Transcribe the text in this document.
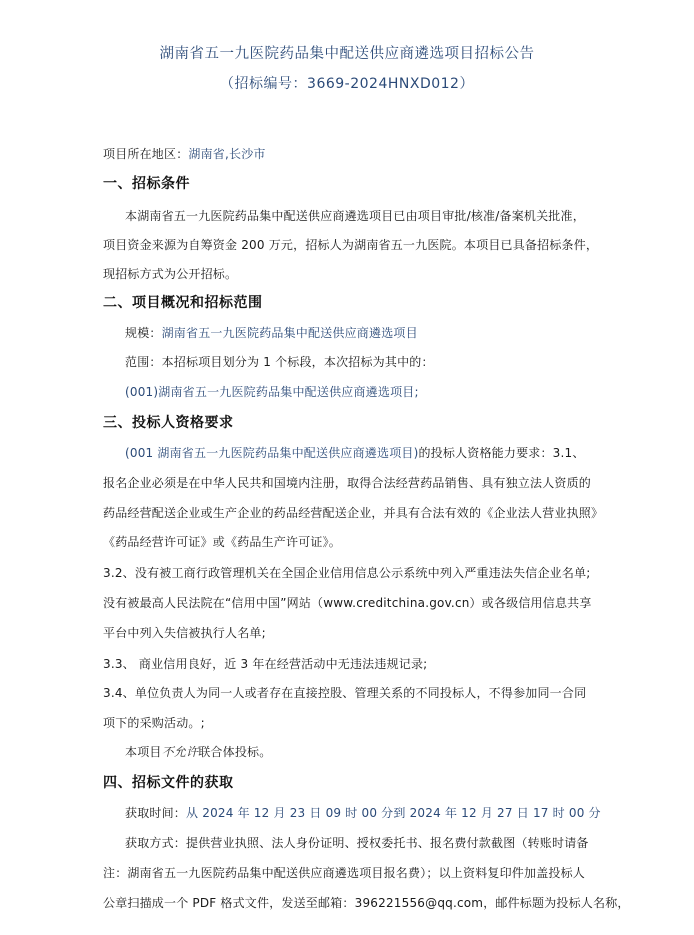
湖南省五一九医院药品集中配送供应商遴选项目招标公告
（招标编号：3669-2024HNXD012）
项目所在地区：湖南省,长沙市
一、招标条件
本湖南省五一九医院药品集中配送供应商遴选项目已由项目审批/核准/备案机关批准，
项目资金来源为自筹资金 200 万元，招标人为湖南省五一九医院。本项目已具备招标条件，
现招标方式为公开招标。
二、项目概况和招标范围
规模：湖南省五一九医院药品集中配送供应商遴选项目
范围：本招标项目划分为 1 个标段，本次招标为其中的：
(001)湖南省五一九医院药品集中配送供应商遴选项目;
三、投标人资格要求
(001 湖南省五一九医院药品集中配送供应商遴选项目)的投标人资格能力要求：3.1、
报名企业必须是在中华人民共和国境内注册，取得合法经营药品销售、具有独立法人资质的
药品经营配送企业或生产企业的药品经营配送企业，并具有合法有效的《企业法人营业执照》
《药品经营许可证》或《药品生产许可证》。
3.2、没有被工商行政管理机关在全国企业信用信息公示系统中列入严重违法失信企业名单;
没有被最高人民法院在“信用中国”网站（www.creditchina.gov.cn）或各级信用信息共享
平台中列入失信被执行人名单;
3.3、 商业信用良好，近 3 年在经营活动中无违法违规记录;
3.4、单位负责人为同一人或者存在直接控股、管理关系的不同投标人，不得参加同一合同
项下的采购活动。;
本项目不允许联合体投标。
四、招标文件的获取
获取时间：从 2024 年 12 月 23 日 09 时 00 分到 2024 年 12 月 27 日 17 时 00 分
获取方式：提供营业执照、法人身份证明、授权委托书、报名费付款截图（转账时请备
注：湖南省五一九医院药品集中配送供应商遴选项目报名费）；以上资料复印件加盖投标人
公章扫描成一个 PDF 格式文件，发送至邮箱：396221556@qq.com，邮件标题为投标人名称，
